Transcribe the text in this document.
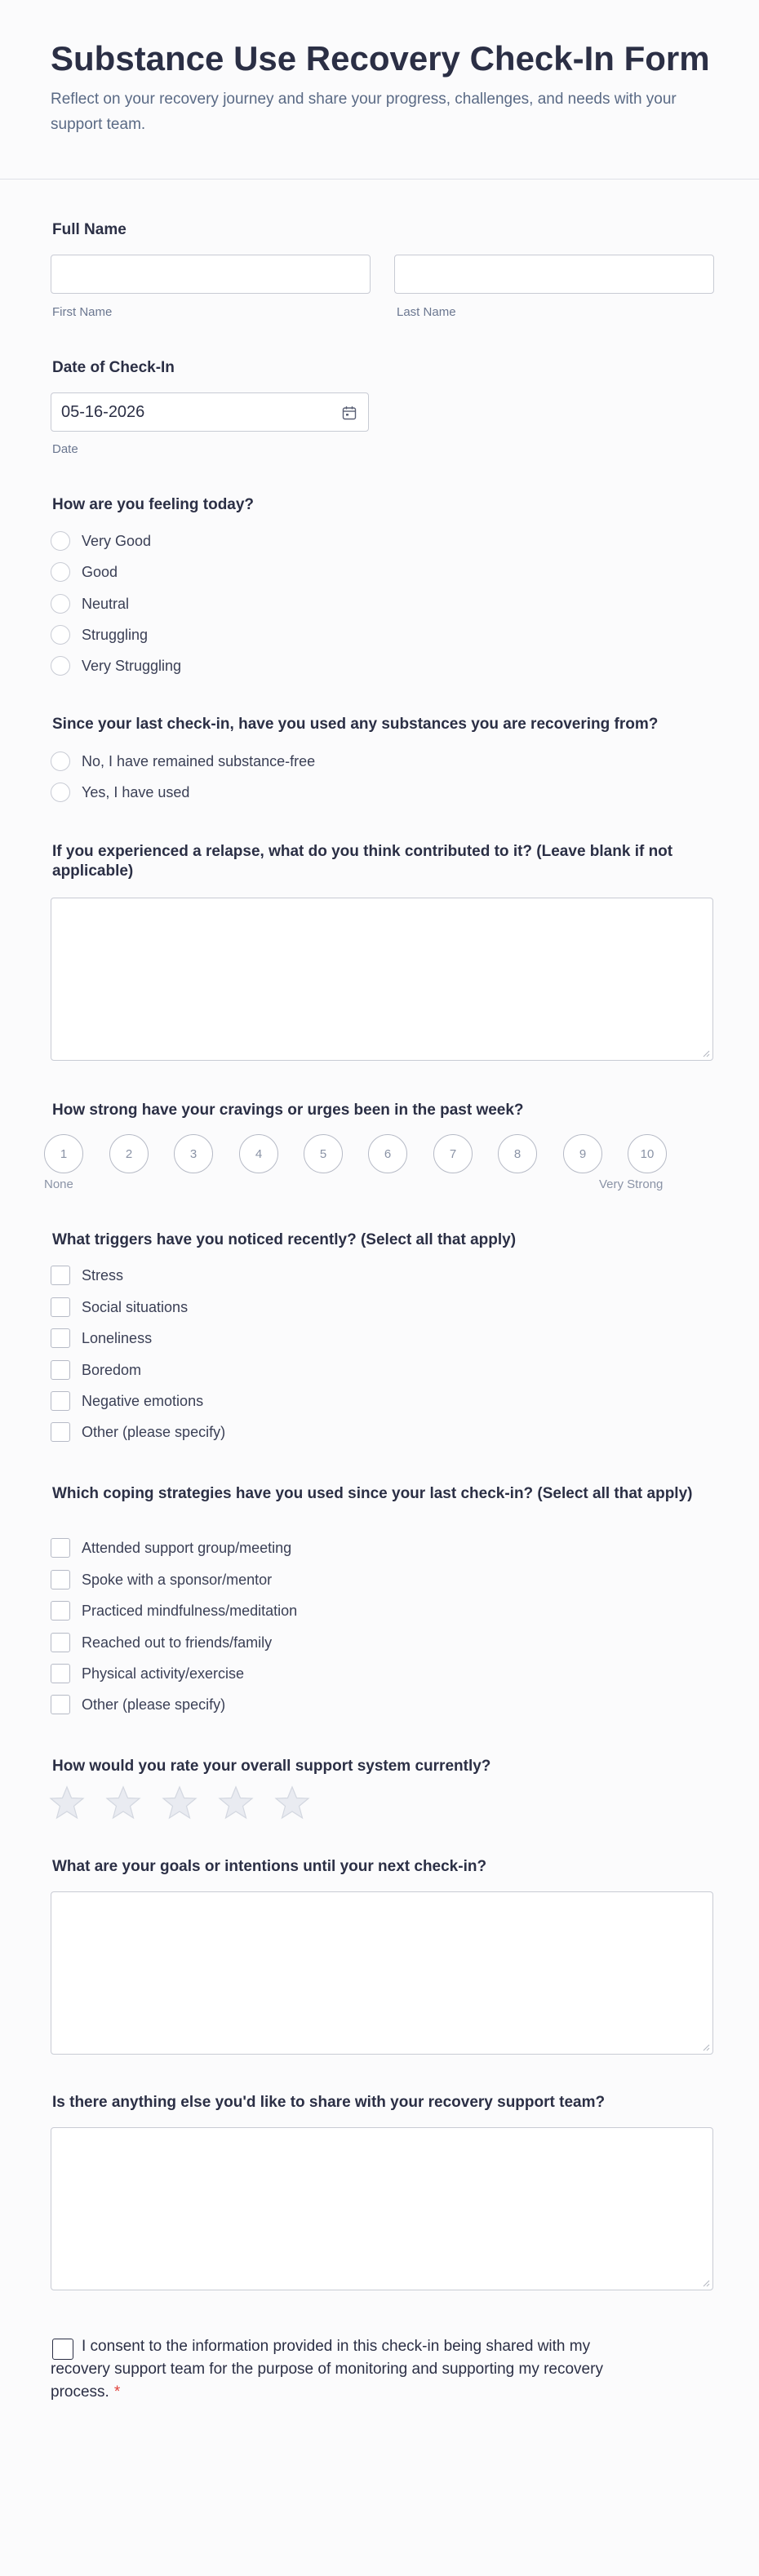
Substance Use Recovery Check-In Form
Reflect on your recovery journey and share your progress, challenges, and needs with your support team.
Full Name
First Name	Last Name
Date of Check-In
05-16-2026
Date
How are you feeling today?
Very Good
Good
Neutral
Struggling
Very Struggling
Since your last check-in, have you used any substances you are recovering from?
No, I have remained substance-free
Yes, I have used
If you experienced a relapse, what do you think contributed to it? (Leave blank if not applicable)
How strong have your cravings or urges been in the past week?
1	2	3	4	5	6	7	8	9	10
None	Very Strong
What triggers have you noticed recently? (Select all that apply)
Stress
Social situations
Loneliness
Boredom
Negative emotions
Other (please specify)
Which coping strategies have you used since your last check-in? (Select all that apply)
Attended support group/meeting
Spoke with a sponsor/mentor
Practiced mindfulness/meditation
Reached out to friends/family
Physical activity/exercise
Other (please specify)
How would you rate your overall support system currently?
What are your goals or intentions until your next check-in?
Is there anything else you'd like to share with your recovery support team?
I consent to the information provided in this check-in being shared with my recovery support team for the purpose of monitoring and supporting my recovery process. *
